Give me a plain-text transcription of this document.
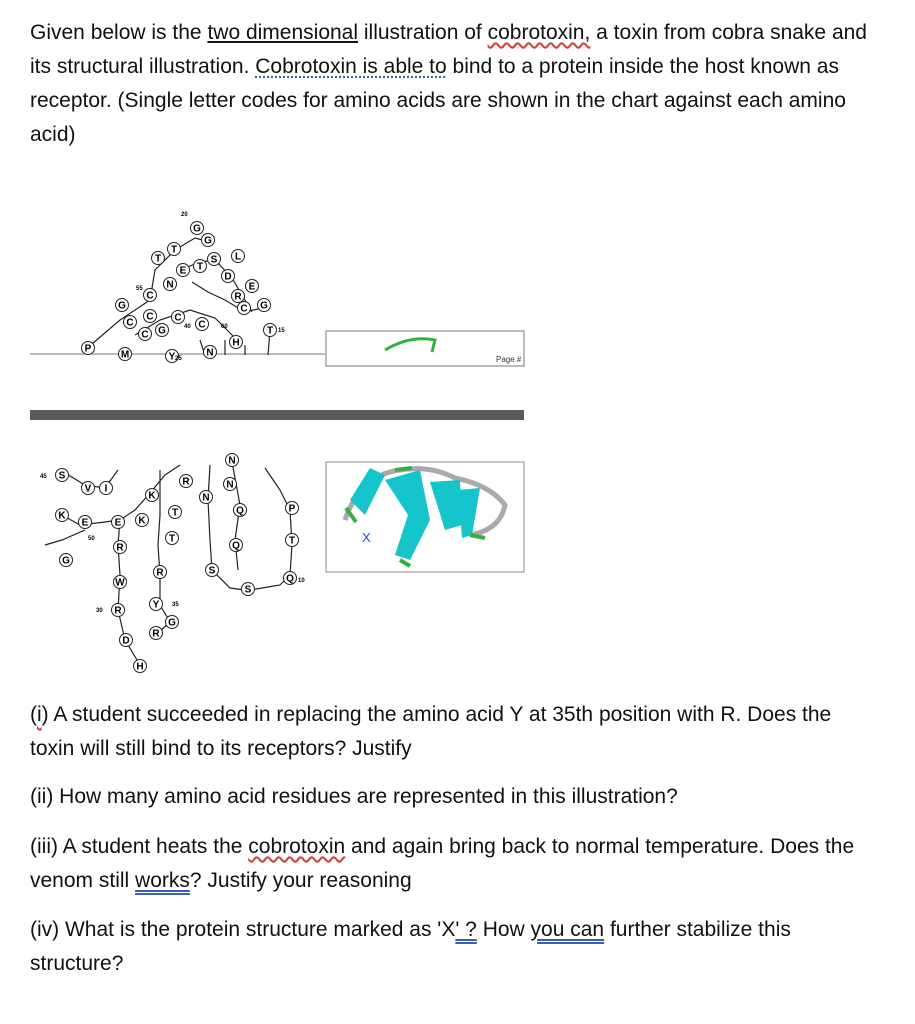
Given below is the two dimensional illustration of cobrotoxin, a toxin from cobra snake and its structural illustration. Cobrotoxin is able to bind to a protein inside the host known as receptor. (Single letter codes for amino acids are shown in the chart against each amino acid)

Page #
G
G
T
S L
T
E T
D
E
N
C	R
C
G	G
C
C	C
C
G	T
H
N
P
M
C
Y
20
55
40	60
15
25
S
V I
K
E K
N
R	N
N
T
K
E
Q	P
R
T
Q	T
W
R	S
Q
R
Y
S
G
D
R
H
G
45
50
30
35
10
X

(i) A student succeeded in replacing the amino acid Y at 35th position with R. Does the toxin will still bind to its receptors? Justify

(ii) How many amino acid residues are represented in this illustration?

(iii) A student heats the cobrotoxin and again bring back to normal temperature. Does the venom still works? Justify your reasoning

(iv) What is the protein structure marked as 'X' ? How you can further stabilize this structure?
